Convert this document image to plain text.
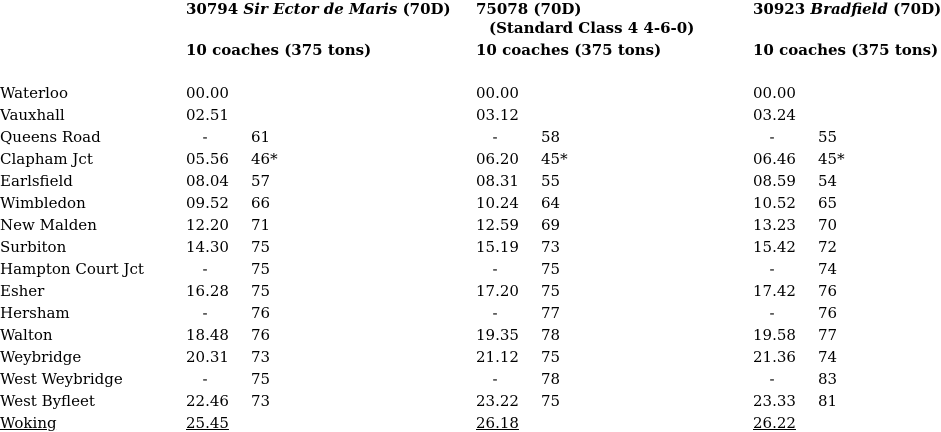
30794 Sir Ector de Maris (70D)
10 coaches (375 tons)
75078 (70D)
(Standard Class 4 4-6-0)
10 coaches (375 tons)
30923 Bradfield (70D)
10 coaches (375 tons)
Waterloo	00.00	00.00	00.00
Vauxhall	02.51	03.12	03.24
Queens Road	-	61	-	58	-	55
Clapham Jct	05.56 46*	06.20 45*	06.46 45*
Earlsfield	08.04 57	08.31 55	08.59 54
Wimbledon	09.52 66	10.24 64	10.52 65
New Malden	12.20 71	12.59 69	13.23 70
Surbiton	14.30 75	15.19 73	15.42 72
Hampton Court Jct	-	75	-	75	-	74
Esher	16.28 75	17.20 75	17.42 76
Hersham	-	76	-	77	-	76
Walton	18.48 76	19.35 78	19.58 77
Weybridge	20.31 73	21.12 75	21.36 74
West Weybridge	-	75	-	78	-	83
West Byfleet	22.46 73	23.22 75	23.33 81
Woking	25.45	26.18	26.22
